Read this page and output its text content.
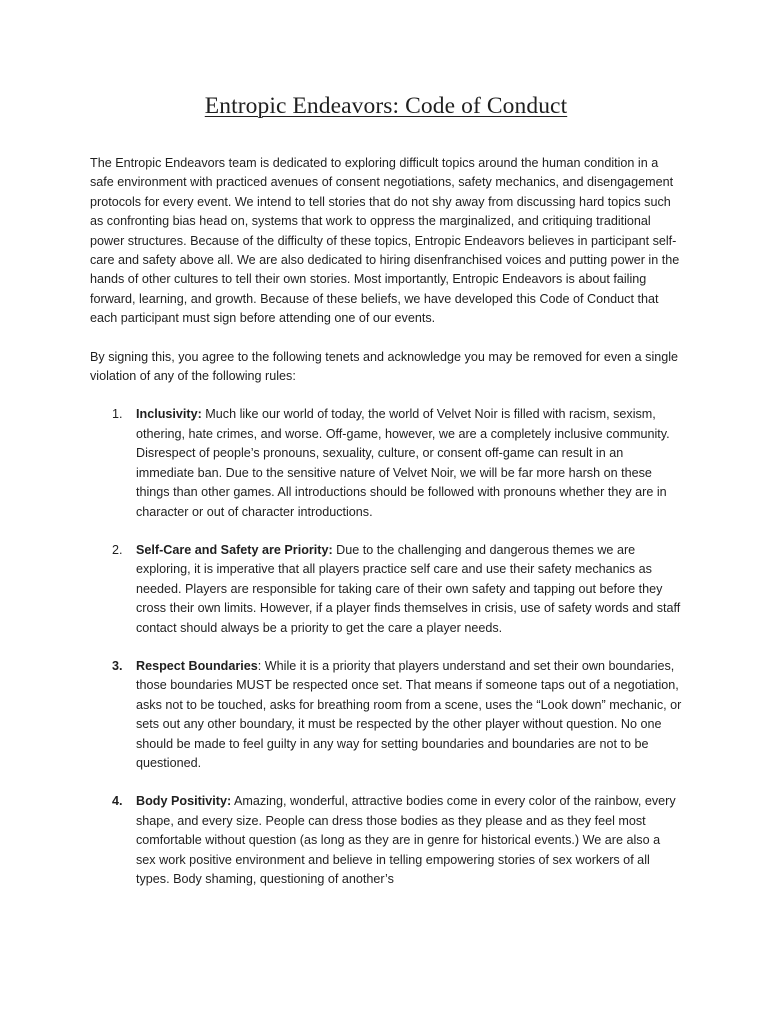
Entropic Endeavors: Code of Conduct

The Entropic Endeavors team is dedicated to exploring difficult topics around the human condition in a safe environment with practiced avenues of consent negotiations, safety mechanics, and disengagement protocols for every event. We intend to tell stories that do not shy away from discussing hard topics such as confronting bias head on, systems that work to oppress the marginalized, and critiquing traditional power structures. Because of the difficulty of these topics, Entropic Endeavors believes in participant self-care and safety above all. We are also dedicated to hiring disenfranchised voices and putting power in the hands of other cultures to tell their own stories. Most importantly, Entropic Endeavors is about failing forward, learning, and growth. Because of these beliefs, we have developed this Code of Conduct that each participant must sign before attending one of our events.

By signing this, you agree to the following tenets and acknowledge you may be removed for even a single violation of any of the following rules:

1. Inclusivity: Much like our world of today, the world of Velvet Noir is filled with racism, sexism, othering, hate crimes, and worse. Off-game, however, we are a completely inclusive community. Disrespect of people’s pronouns, sexuality, culture, or consent off-game can result in an immediate ban. Due to the sensitive nature of Velvet Noir, we will be far more harsh on these things than other games. All introductions should be followed with pronouns whether they are in character or out of character introductions.
2. Self-Care and Safety are Priority: Due to the challenging and dangerous themes we are exploring, it is imperative that all players practice self care and use their safety mechanics as needed. Players are responsible for taking care of their own safety and tapping out before they cross their own limits. However, if a player finds themselves in crisis, use of safety words and staff contact should always be a priority to get the care a player needs.
3. Respect Boundaries: While it is a priority that players understand and set their own boundaries, those boundaries MUST be respected once set. That means if someone taps out of a negotiation, asks not to be touched, asks for breathing room from a scene, uses the “Look down” mechanic, or sets out any other boundary, it must be respected by the other player without question. No one should be made to feel guilty in any way for setting boundaries and boundaries are not to be questioned.
4. Body Positivity: Amazing, wonderful, attractive bodies come in every color of the rainbow, every shape, and every size. People can dress those bodies as they please and as they feel most comfortable without question (as long as they are in genre for historical events.) We are also a sex work positive environment and believe in telling empowering stories of sex workers of all types. Body shaming, questioning of another’s
